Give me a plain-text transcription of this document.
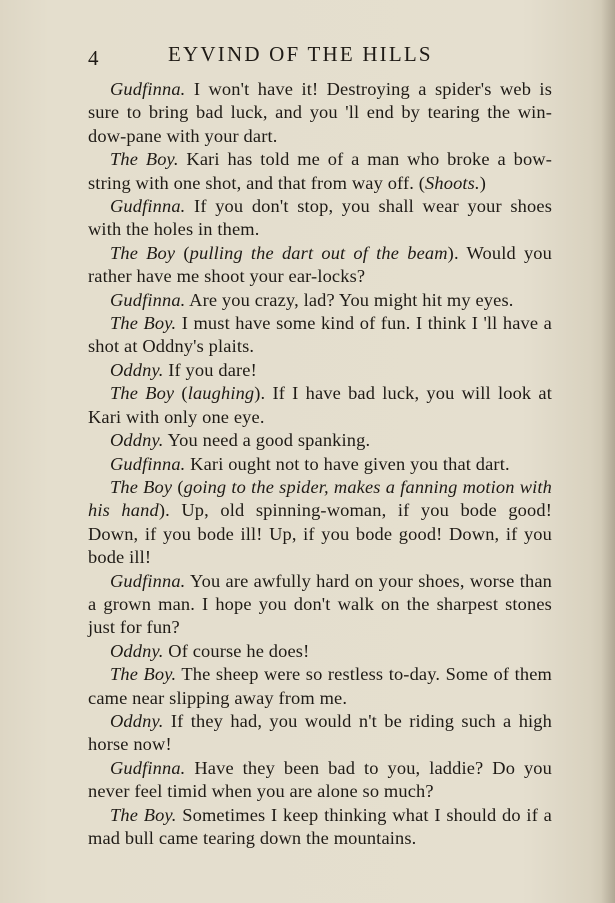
4	EYVIND OF THE HILLS

Gudfinna. I won't have it! Destroying a spider's web is sure to bring bad luck, and you 'll end by tearing the win-dow-pane with your dart.

The Boy. Kari has told me of a man who broke a bow-string with one shot, and that from way off. (Shoots.)

Gudfinna. If you don't stop, you shall wear your shoes with the holes in them.

The Boy (pulling the dart out of the beam). Would you rather have me shoot your ear-locks?

Gudfinna. Are you crazy, lad? You might hit my eyes.

The Boy. I must have some kind of fun. I think I 'll have a shot at Oddny's plaits.

Oddny. If you dare!

The Boy (laughing). If I have bad luck, you will look at Kari with only one eye.

Oddny. You need a good spanking.

Gudfinna. Kari ought not to have given you that dart.

The Boy (going to the spider, makes a fanning motion with his hand). Up, old spinning-woman, if you bode good! Down, if you bode ill! Up, if you bode good! Down, if you bode ill!

Gudfinna. You are awfully hard on your shoes, worse than a grown man. I hope you don't walk on the sharpest stones just for fun?

Oddny. Of course he does!

The Boy. The sheep were so restless to-day. Some of them came near slipping away from me.

Oddny. If they had, you would n't be riding such a high horse now!

Gudfinna. Have they been bad to you, laddie? Do you never feel timid when you are alone so much?

The Boy. Sometimes I keep thinking what I should do if a mad bull came tearing down the mountains.
